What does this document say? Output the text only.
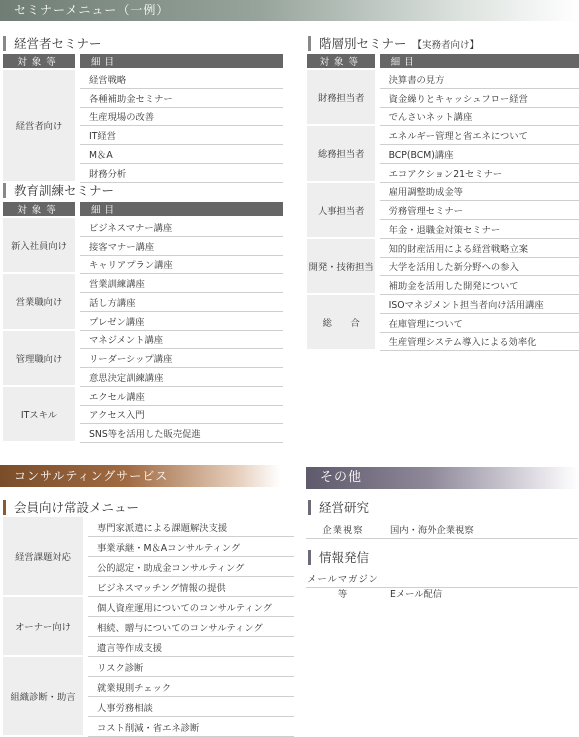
セミナーメニュー（一例）
コンサルティングサービス	その他
経営者セミナー
教育訓練セミナー
階層別セミナー 【実務者向け】
会員向け常設メニュー	経営研究
情報発信
対象等		細目
経営者向け		経営戦略
		各種補助金セミナー
		生産現場の改善
		IT経営
		M＆A
		財務分析
対象等		細目
新入社員向け		ビジネスマナー講座
		接客マナー講座
		キャリアプラン講座
営業職向け		営業訓練講座
		話し方講座
		プレゼン講座
管理職向け		マネジメント講座
		リーダーシップ講座
		意思決定訓練講座
ITスキル		エクセル講座
		アクセス入門
		SNS等を活用した販売促進
対象等		細目
財務担当者		決算書の見方
		資金繰りとキャッシュフロー経営
		でんさいネット講座
総務担当者		エネルギー管理と省エネについて
		BCP(BCM)講座
		エコアクション21セミナー
人事担当者		雇用調整助成金等
		労務管理セミナー
		年金・退職金対策セミナー
開発・技術担当		知的財産活用による経営戦略立案
		大学を活用した新分野への参入
		補助金を活用した開発について
総　　合		ISOマネジメント担当者向け活用講座
		在庫管理について
		生産管理システム導入による効率化
経営課題対応		専門家派遣による課題解決支援
		事業承継・M＆Aコンサルティング
		公的認定・助成金コンサルティング
		ビジネスマッチング情報の提供
オーナー向け		個人資産運用についてのコンサルティング
		相続、贈与についてのコンサルティング
		遺言等作成支援
組織診断・助言		リスク診断
		就業規則チェック
		人事労務相談
		コスト削減・省エネ診断
企業視察	国内・海外企業視察
メールマガジン等	Eメール配信
